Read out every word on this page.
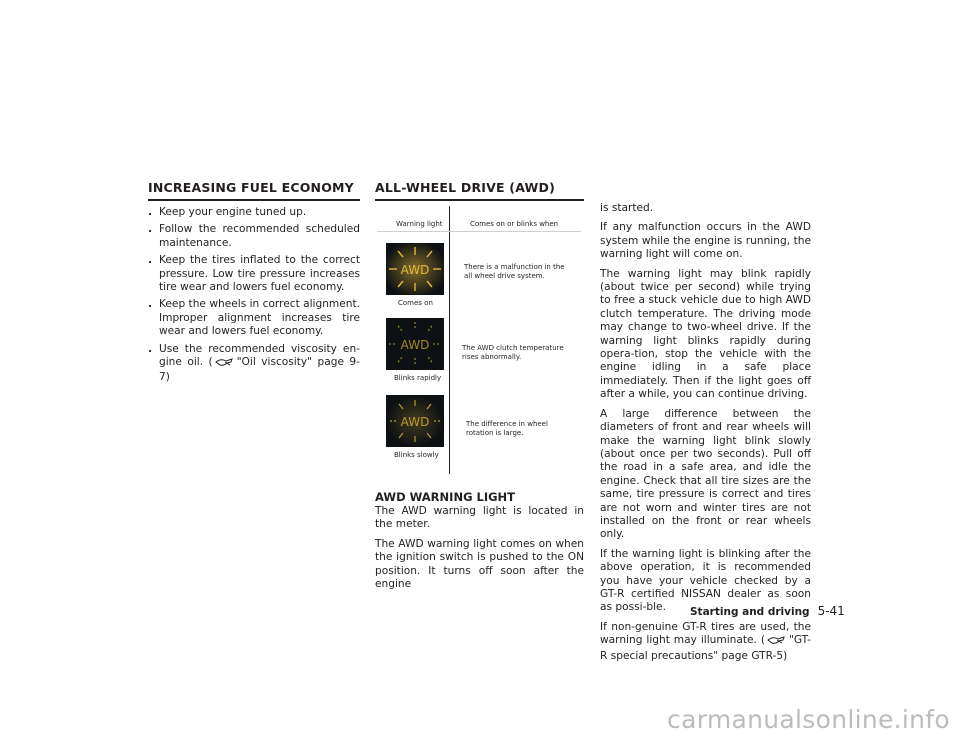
INCREASING FUEL ECONOMY
. Keep your engine tuned up.
. Follow the recommended scheduled maintenance.
. Keep the tires inflated to the correct pressure. Low tire pressure increases tire wear and lowers fuel economy.
. Keep the wheels in correct alignment. Improper alignment increases tire wear and lowers fuel economy.
. Use the recommended viscosity en-gine oil. ( "Oil viscosity" page 9-7)
ALL-WHEEL DRIVE (AWD)
Warning light	Comes on or blinks when
AWD
Comes on
There is a malfunction in the
all wheel drive system.
AWD
Blinks rapidly
The AWD clutch temperature
rises abnormally.
AWD
Blinks slowly
The difference in wheel
rotation is large.
AWD WARNING LIGHT
The AWD warning light is located in the meter.
The AWD warning light comes on when the ignition switch is pushed to the ON position. It turns off soon after the engine
is started.
If any malfunction occurs in the AWD system while the engine is running, the warning light will come on.
The warning light may blink rapidly (about twice per second) while trying to free a stuck vehicle due to high AWD clutch temperature. The driving mode may change to two-wheel drive. If the warning light blinks rapidly during opera-tion, stop the vehicle with the engine idling in a safe place immediately. Then if the light goes off after a while, you can continue driving.
A large difference between the diameters of front and rear wheels will make the warning light blink slowly (about once per two seconds). Pull off the road in a safe area, and idle the engine. Check that all tire sizes are the same, tire pressure is correct and tires are not worn and winter tires are not installed on the front or rear wheels only.
If the warning light is blinking after the above operation, it is recommended you have your vehicle checked by a GT-R certified NISSAN dealer as soon as possi-ble.
If non-genuine GT-R tires are used, the warning light may illuminate. ( "GT-R special precautions" page GTR-5)
Starting and driving 5-41
carmanualsonline.info
